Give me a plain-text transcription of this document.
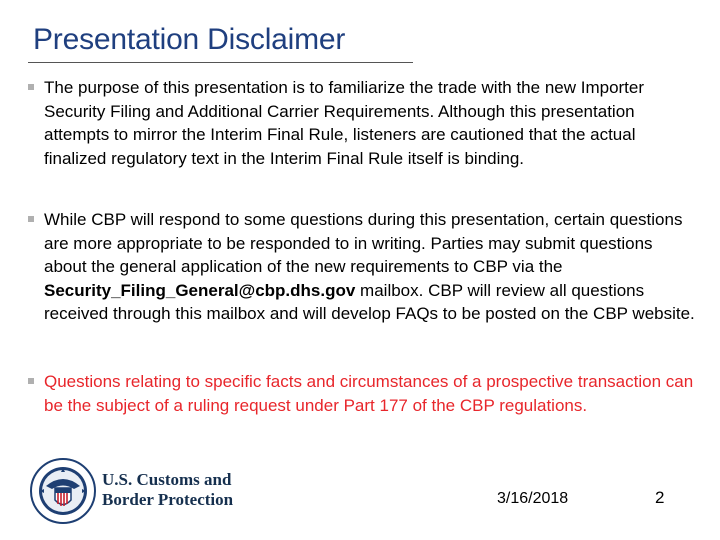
Presentation Disclaimer
The purpose of this presentation is to familiarize the trade with the new Importer Security Filing and Additional Carrier Requirements. Although this presentation attempts to mirror the Interim Final Rule, listeners are cautioned that the actual finalized regulatory text in the Interim Final Rule itself is binding.
While CBP will respond to some questions during this presentation, certain questions are more appropriate to be responded to in writing. Parties may submit questions about the general application of the new requirements to CBP via the Security_Filing_General@cbp.dhs.gov mailbox. CBP will review all questions received through this mailbox and will develop FAQs to be posted on the CBP website.
Questions relating to specific facts and circumstances of a prospective transaction can be the subject of a ruling request under Part 177 of the CBP regulations.
U.S. Customs and
Border Protection	3/16/2018	2
